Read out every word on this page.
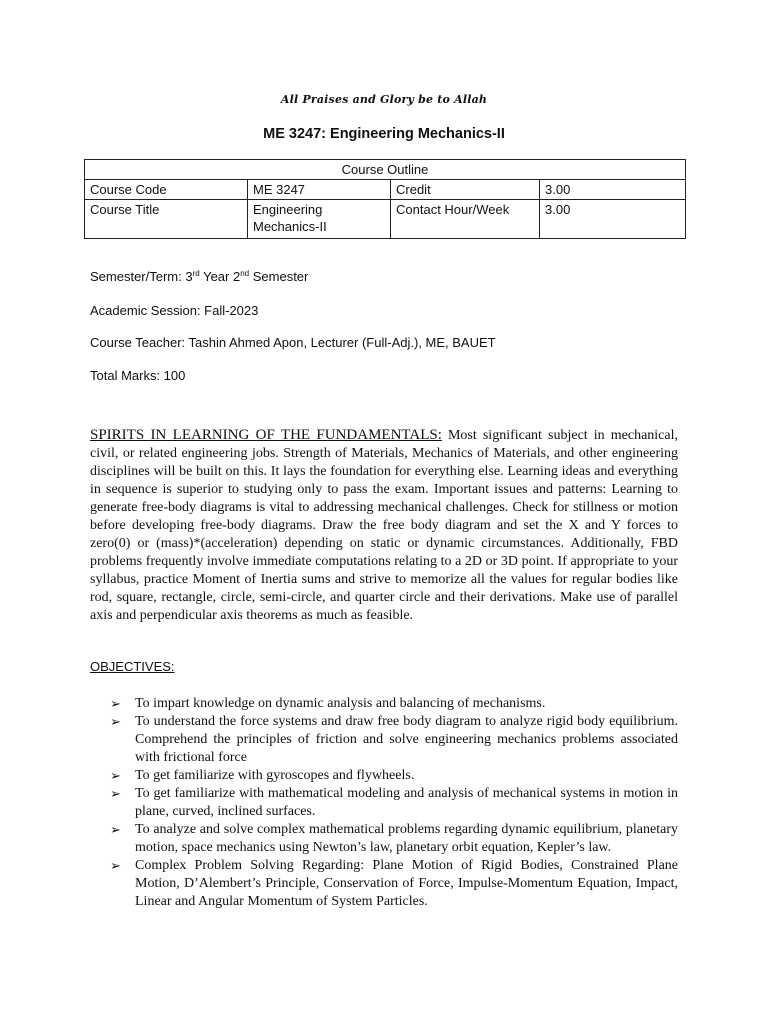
All Praises and Glory be to Allah
ME 3247: Engineering Mechanics-II
Course Outline			
Course Code	ME 3247	Credit	3.00
Course Title	Engineering Mechanics-II	Contact Hour/Week	3.00
Semester/Term: 3rd Year 2nd Semester
Academic Session: Fall-2023
Course Teacher: Tashin Ahmed Apon, Lecturer (Full-Adj.), ME, BAUET
Total Marks: 100

SPIRITS IN LEARNING OF THE FUNDAMENTALS: Most significant subject in mechanical, civil, or related engineering jobs. Strength of Materials, Mechanics of Materials, and other engineering disciplines will be built on this. It lays the foundation for everything else. Learning ideas and everything in sequence is superior to studying only to pass the exam. Important issues and patterns: Learning to generate free-body diagrams is vital to addressing mechanical challenges. Check for stillness or motion before developing free-body diagrams. Draw the free body diagram and set the X and Y forces to zero(0) or (mass)*(acceleration) depending on static or dynamic circumstances. Additionally, FBD problems frequently involve immediate computations relating to a 2D or 3D point. If appropriate to your syllabus, practice Moment of Inertia sums and strive to memorize all the values for regular bodies like rod, square, rectangle, circle, semi-circle, and quarter circle and their derivations. Make use of parallel axis and perpendicular axis theorems as much as feasible.

OBJECTIVES:
➢ To impart knowledge on dynamic analysis and balancing of mechanisms.
➢ To understand the force systems and draw free body diagram to analyze rigid body equilibrium. Comprehend the principles of friction and solve engineering mechanics problems associated with frictional force
➢ To get familiarize with gyroscopes and flywheels.
➢ To get familiarize with mathematical modeling and analysis of mechanical systems in motion in plane, curved, inclined surfaces.
➢ To analyze and solve complex mathematical problems regarding dynamic equilibrium, planetary motion, space mechanics using Newton’s law, planetary orbit equation, Kepler’s law.
➢ Complex Problem Solving Regarding: Plane Motion of Rigid Bodies, Constrained Plane Motion, D’Alembert’s Principle, Conservation of Force, Impulse-Momentum Equation, Impact, Linear and Angular Momentum of System Particles.
